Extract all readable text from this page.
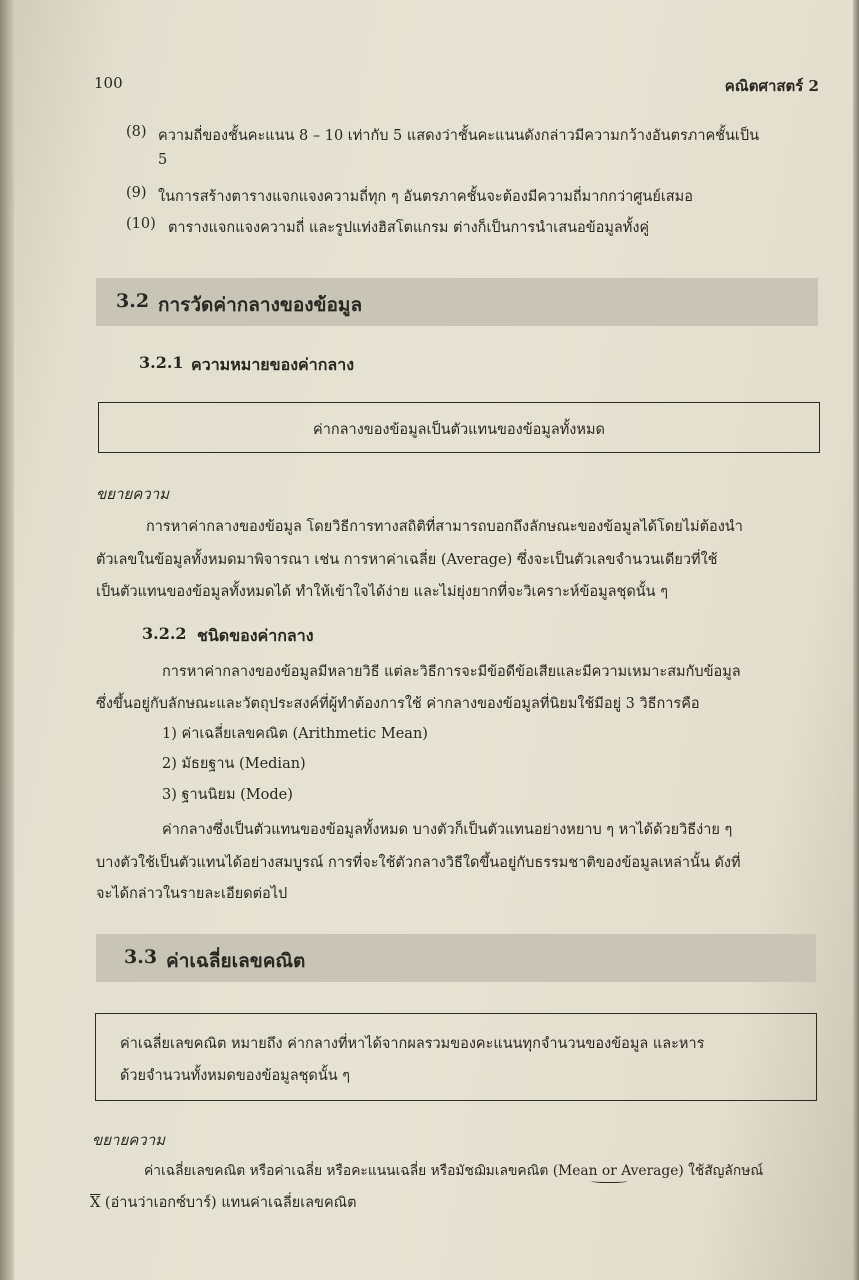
100	คณิตศาสตร์ 2
(8) ความถี่ของชั้นคะแนน 8 – 10 เท่ากับ 5 แสดงว่าชั้นคะแนนดังกล่าวมีความกว้างอันตรภาคชั้นเป็น
5
(9) ในการสร้างตารางแจกแจงความถี่ทุก ๆ อันตรภาคชั้นจะต้องมีความถี่มากกว่าศูนย์เสมอ
(10) ตารางแจกแจงความถี่ และรูปแท่งฮิสโตแกรม ต่างก็เป็นการนำเสนอข้อมูลทั้งคู่
3.2 การวัดค่ากลางของข้อมูล
3.2.1 ความหมายของค่ากลาง
ค่ากลางของข้อมูลเป็นตัวแทนของข้อมูลทั้งหมด
ขยายความ
การหาค่ากลางของข้อมูล โดยวิธีการทางสถิติที่สามารถบอกถึงลักษณะของข้อมูลได้โดยไม่ต้องนำ
ตัวเลขในข้อมูลทั้งหมดมาพิจารณา เช่น การหาค่าเฉลี่ย (Average) ซึ่งจะเป็นตัวเลขจำนวนเดียวที่ใช้
เป็นตัวแทนของข้อมูลทั้งหมดได้ ทำให้เข้าใจได้ง่าย และไม่ยุ่งยากที่จะวิเคราะห์ข้อมูลชุดนั้น ๆ
3.2.2 ชนิดของค่ากลาง
การหาค่ากลางของข้อมูลมีหลายวิธี แต่ละวิธีการจะมีข้อดีข้อเสียและมีความเหมาะสมกับข้อมูล
ซึ่งขึ้นอยู่กับลักษณะและวัตถุประสงค์ที่ผู้ทำต้องการใช้ ค่ากลางของข้อมูลที่นิยมใช้มีอยู่ 3 วิธีการคือ
1) ค่าเฉลี่ยเลขคณิต (Arithmetic Mean)
2) มัธยฐาน (Median)
3) ฐานนิยม (Mode)
ค่ากลางซึ่งเป็นตัวแทนของข้อมูลทั้งหมด บางตัวก็เป็นตัวแทนอย่างหยาบ ๆ หาได้ด้วยวิธีง่าย ๆ
บางตัวใช้เป็นตัวแทนได้อย่างสมบูรณ์ การที่จะใช้ตัวกลางวิธีใดขึ้นอยู่กับธรรมชาติของข้อมูลเหล่านั้น ดังที่
จะได้กล่าวในรายละเอียดต่อไป
3.3 ค่าเฉลี่ยเลขคณิต
ค่าเฉลี่ยเลขคณิต หมายถึง ค่ากลางที่หาได้จากผลรวมของคะแนนทุกจำนวนของข้อมูล และหาร
ด้วยจำนวนทั้งหมดของข้อมูลชุดนั้น ๆ
ขยายความ
ค่าเฉลี่ยเลขคณิต หรือค่าเฉลี่ย หรือคะแนนเฉลี่ย หรือมัชฌิมเลขคณิต (Mean or Average) ใช้สัญลักษณ์
$\overline{X}$ (อ่านว่าเอกซ์บาร์) แทนค่าเฉลี่ยเลขคณิต
